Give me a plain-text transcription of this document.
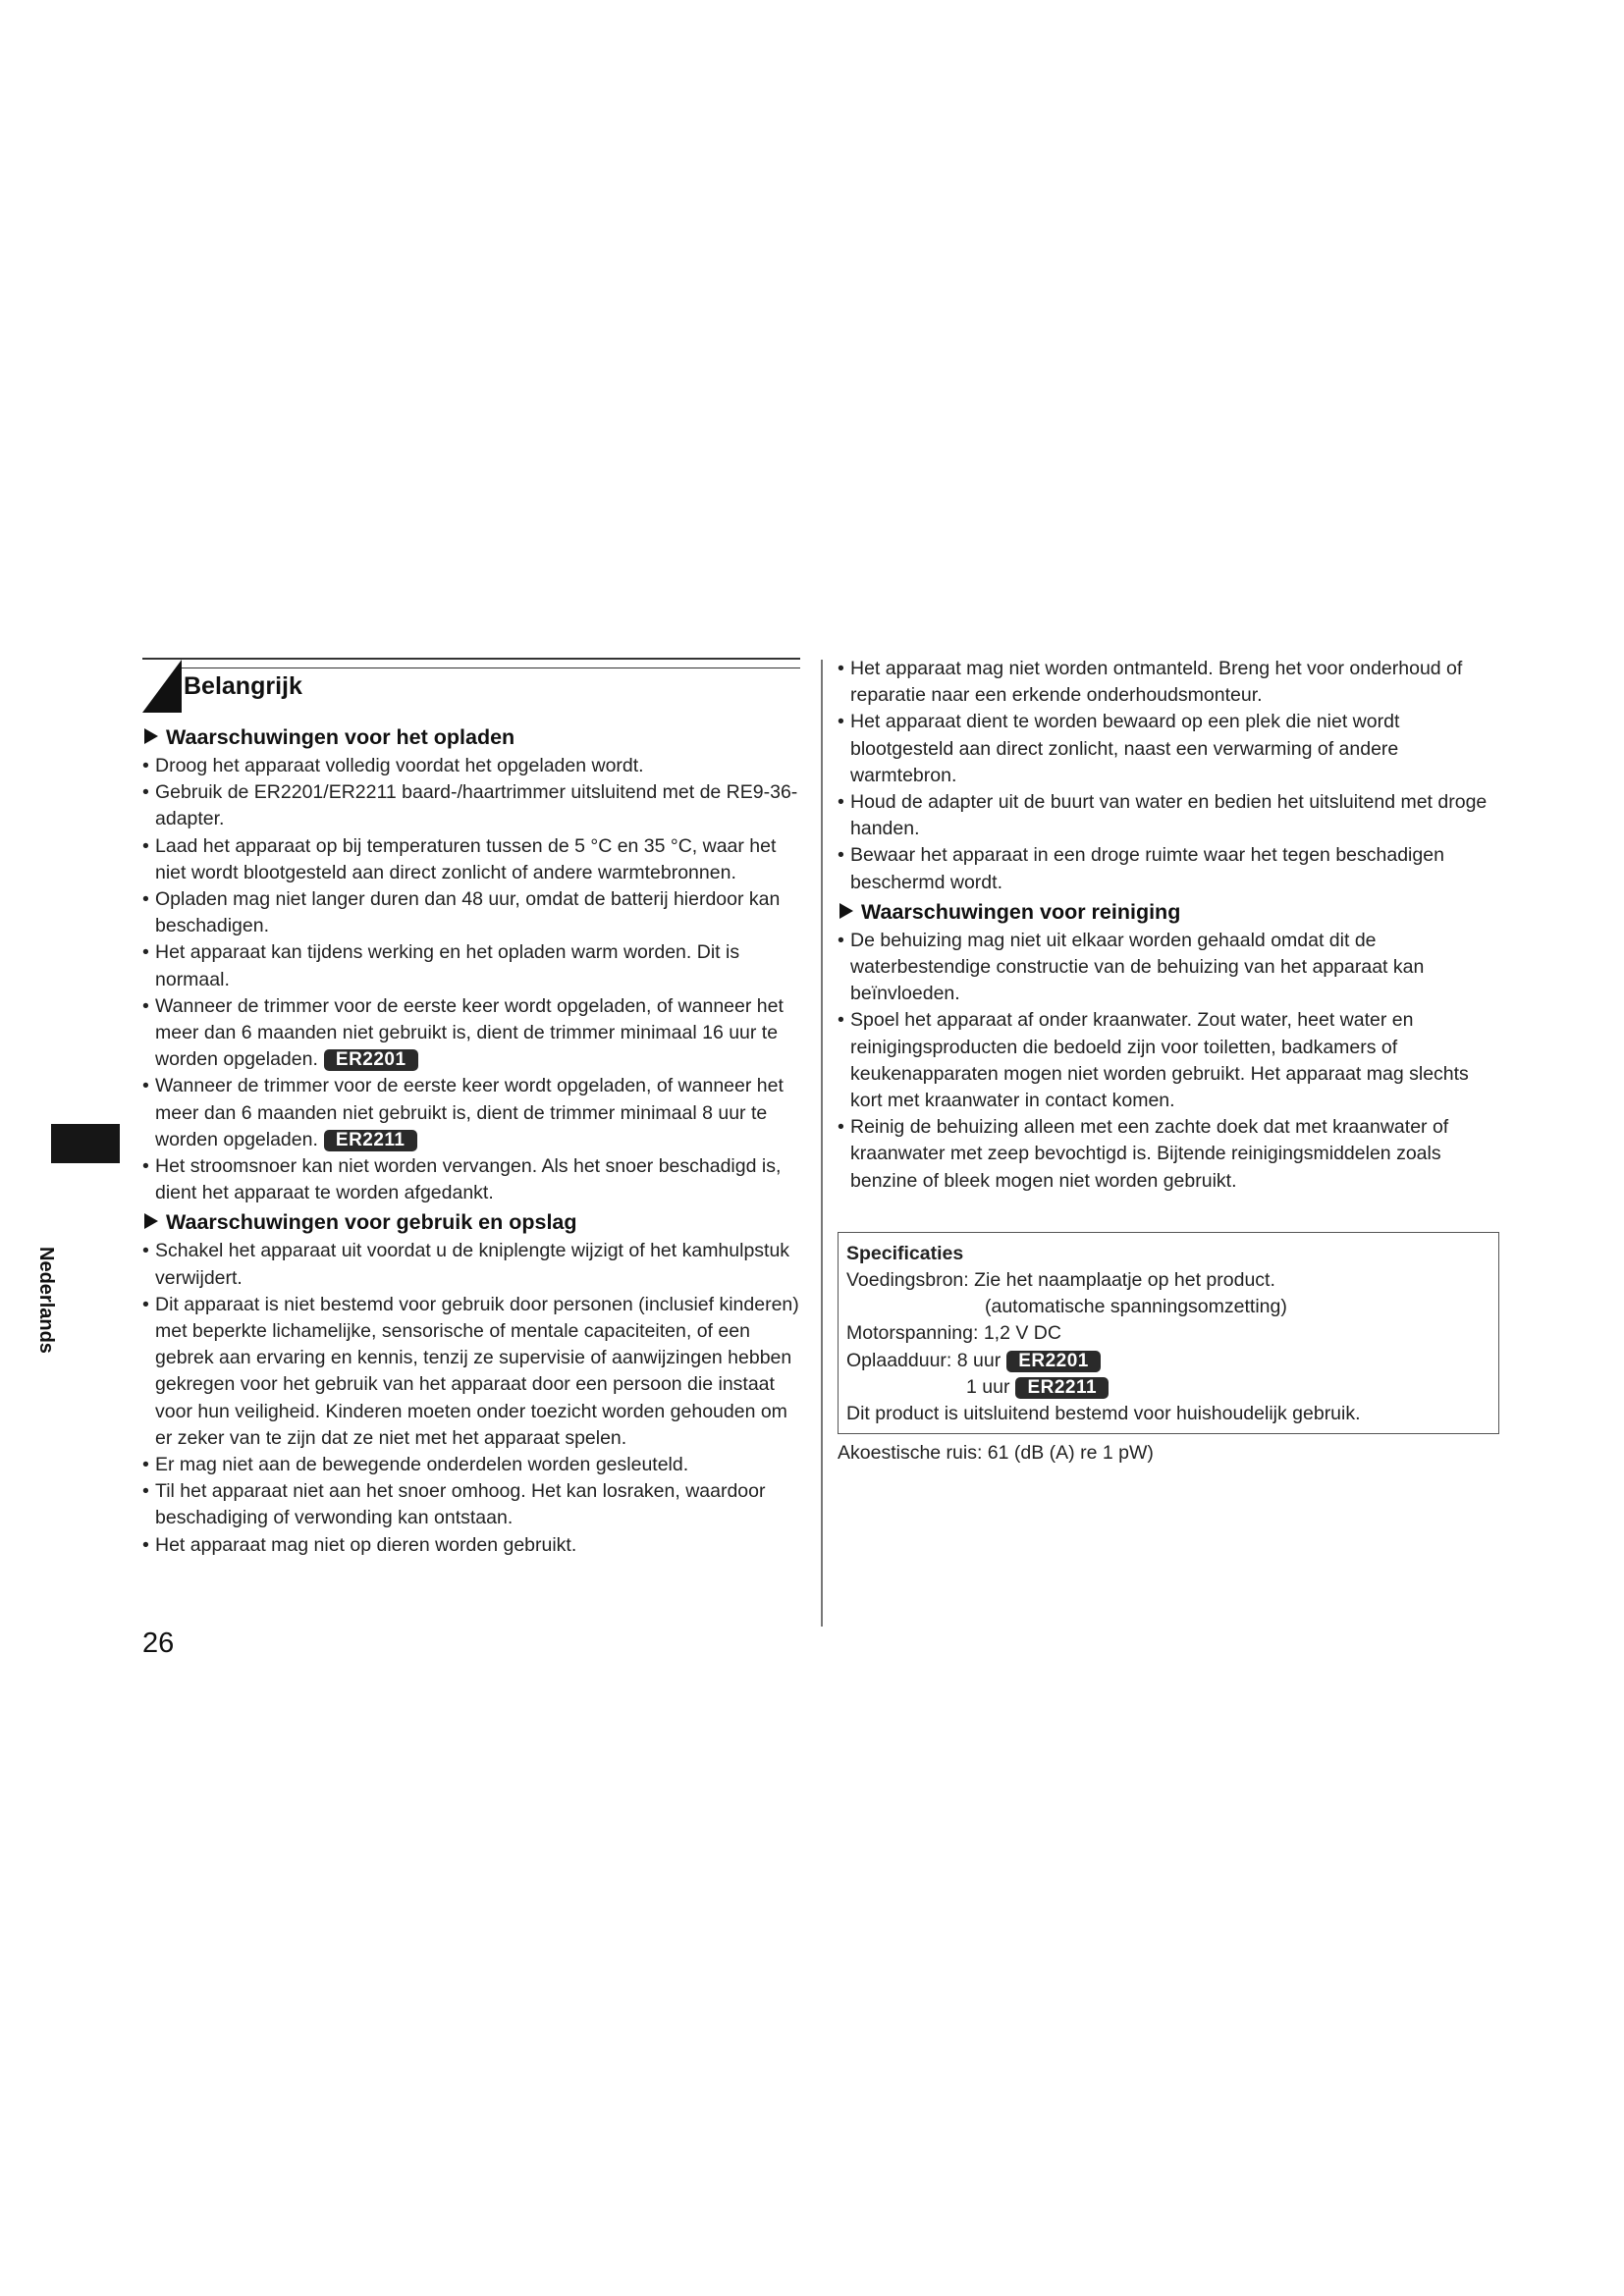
Nederlands
Belangrijk
Waarschuwingen voor het opladen
• Droog het apparaat volledig voordat het opgeladen wordt.
• Gebruik de ER2201/ER2211 baard-/haartrimmer uitsluitend met de RE9-36-adapter.
• Laad het apparaat op bij temperaturen tussen de 5 °C en 35 °C, waar het niet wordt blootgesteld aan direct zonlicht of andere warmtebronnen.
• Opladen mag niet langer duren dan 48 uur, omdat de batterij hierdoor kan beschadigen.
• Het apparaat kan tijdens werking en het opladen warm worden. Dit is normaal.
• Wanneer de trimmer voor de eerste keer wordt opgeladen, of wanneer het meer dan 6 maanden niet gebruikt is, dient de trimmer minimaal 16 uur te worden opgeladen. ER2201
• Wanneer de trimmer voor de eerste keer wordt opgeladen, of wanneer het meer dan 6 maanden niet gebruikt is, dient de trimmer minimaal 8 uur te worden opgeladen. ER2211
• Het stroomsnoer kan niet worden vervangen. Als het snoer beschadigd is, dient het apparaat te worden afgedankt.
Waarschuwingen voor gebruik en opslag
• Schakel het apparaat uit voordat u de kniplengte wijzigt of het kamhulpstuk verwijdert.
• Dit apparaat is niet bestemd voor gebruik door personen (inclusief kinderen) met beperkte lichamelijke, sensorische of mentale capaciteiten, of een gebrek aan ervaring en kennis, tenzij ze supervisie of aanwijzingen hebben gekregen voor het gebruik van het apparaat door een persoon die instaat voor hun veiligheid. Kinderen moeten onder toezicht worden gehouden om er zeker van te zijn dat ze niet met het apparaat spelen.
• Er mag niet aan de bewegende onderdelen worden gesleuteld.
• Til het apparaat niet aan het snoer omhoog. Het kan losraken, waardoor beschadiging of verwonding kan ontstaan.
• Het apparaat mag niet op dieren worden gebruikt.
• Het apparaat mag niet worden ontmanteld. Breng het voor onderhoud of reparatie naar een erkende onderhoudsmonteur.
• Het apparaat dient te worden bewaard op een plek die niet wordt blootgesteld aan direct zonlicht, naast een verwarming of andere warmtebron.
• Houd de adapter uit de buurt van water en bedien het uitsluitend met droge handen.
• Bewaar het apparaat in een droge ruimte waar het tegen beschadigen beschermd wordt.
Waarschuwingen voor reiniging
• De behuizing mag niet uit elkaar worden gehaald omdat dit de waterbestendige constructie van de behuizing van het apparaat kan beïnvloeden.
• Spoel het apparaat af onder kraanwater. Zout water, heet water en reinigingsproducten die bedoeld zijn voor toiletten, badkamers of keukenapparaten mogen niet worden gebruikt. Het apparaat mag slechts kort met kraanwater in contact komen.
• Reinig de behuizing alleen met een zachte doek dat met kraanwater of kraanwater met zeep bevochtigd is. Bijtende reinigingsmiddelen zoals benzine of bleek mogen niet worden gebruikt.
Specificaties
Voedingsbron: Zie het naamplaatje op het product.
(automatische spanningsomzetting)
Motorspanning: 1,2 V DC
Oplaadduur: 8 uur ER2201
1 uur ER2211
Dit product is uitsluitend bestemd voor huishoudelijk gebruik.
Akoestische ruis: 61 (dB (A) re 1 pW)
26
